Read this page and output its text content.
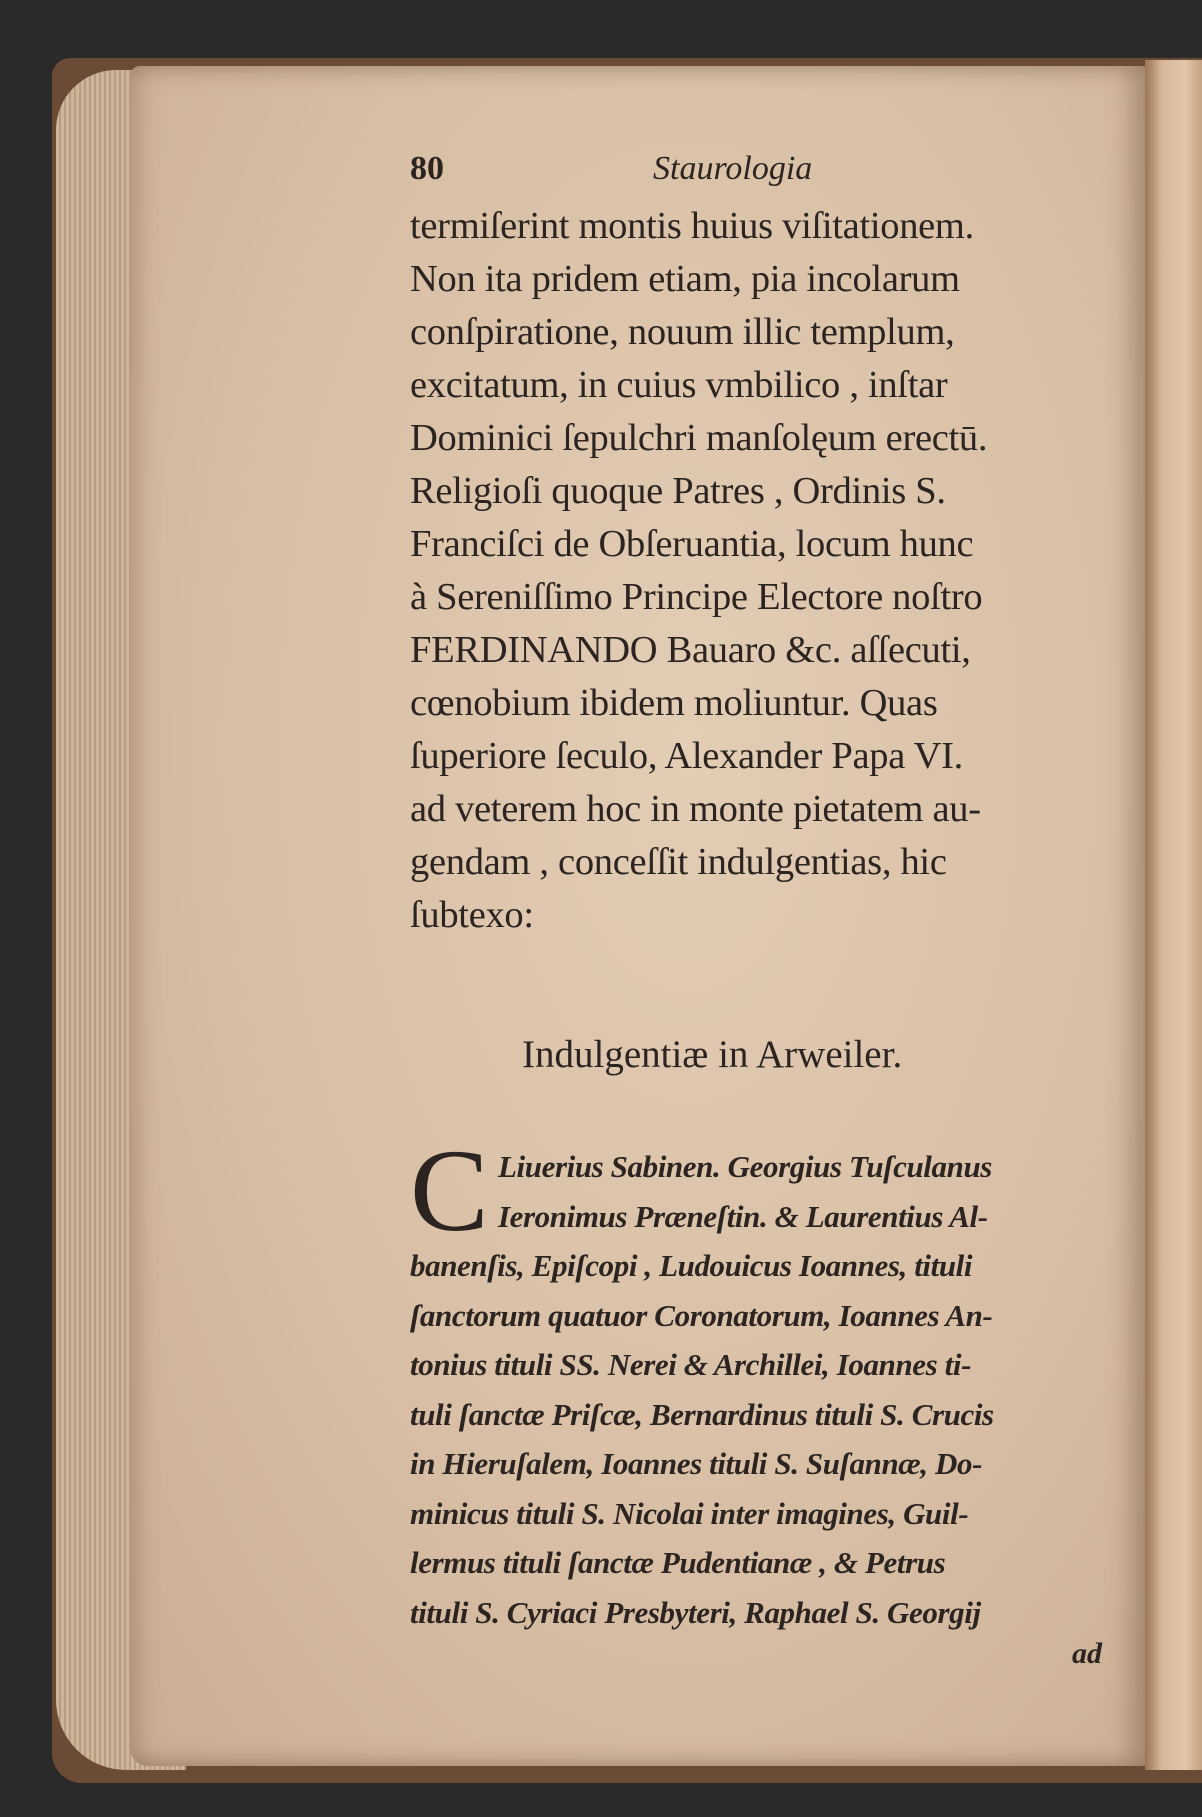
80	Staurologia
termiſerint montis huius viſitationem.
Non ita pridem etiam, pia incolarum
conſpiratione, nouum illic templum,
excitatum, in cuius vmbilico , inſtar
Dominici ſepulchri manſolęum erectū.
Religioſi quoque Patres , Ordinis S.
Franciſci de Obſeruantia, locum hunc
à Sereniſſimo Principe Electore noſtro
FERDINANDO Bauaro &c. aſſecuti,
cœnobium ibidem moliuntur. Quas
ſuperiore ſeculo, Alexander Papa VI.
ad veterem hoc in monte pietatem au-
gendam , conceſſit indulgentias, hic
ſubtexo:
Indulgentiæ in Arweiler.
C Liuerius Sabinen. Georgius Tuſculanus
Ieronimus Præneſtin. & Laurentius Al-
banenſis, Epiſcopi , Ludouicus Ioannes, tituli
ſanctorum quatuor Coronatorum, Ioannes An-
tonius tituli SS. Nerei & Archillei, Ioannes ti-
tuli ſanctæ Priſcæ, Bernardinus tituli S. Crucis
in Hieruſalem, Ioannes tituli S. Suſannæ, Do-
minicus tituli S. Nicolai inter imagines, Guil-
lermus tituli ſanctæ Pudentianæ , & Petrus
tituli S. Cyriaci Presbyteri, Raphael S. Georgij
ad
